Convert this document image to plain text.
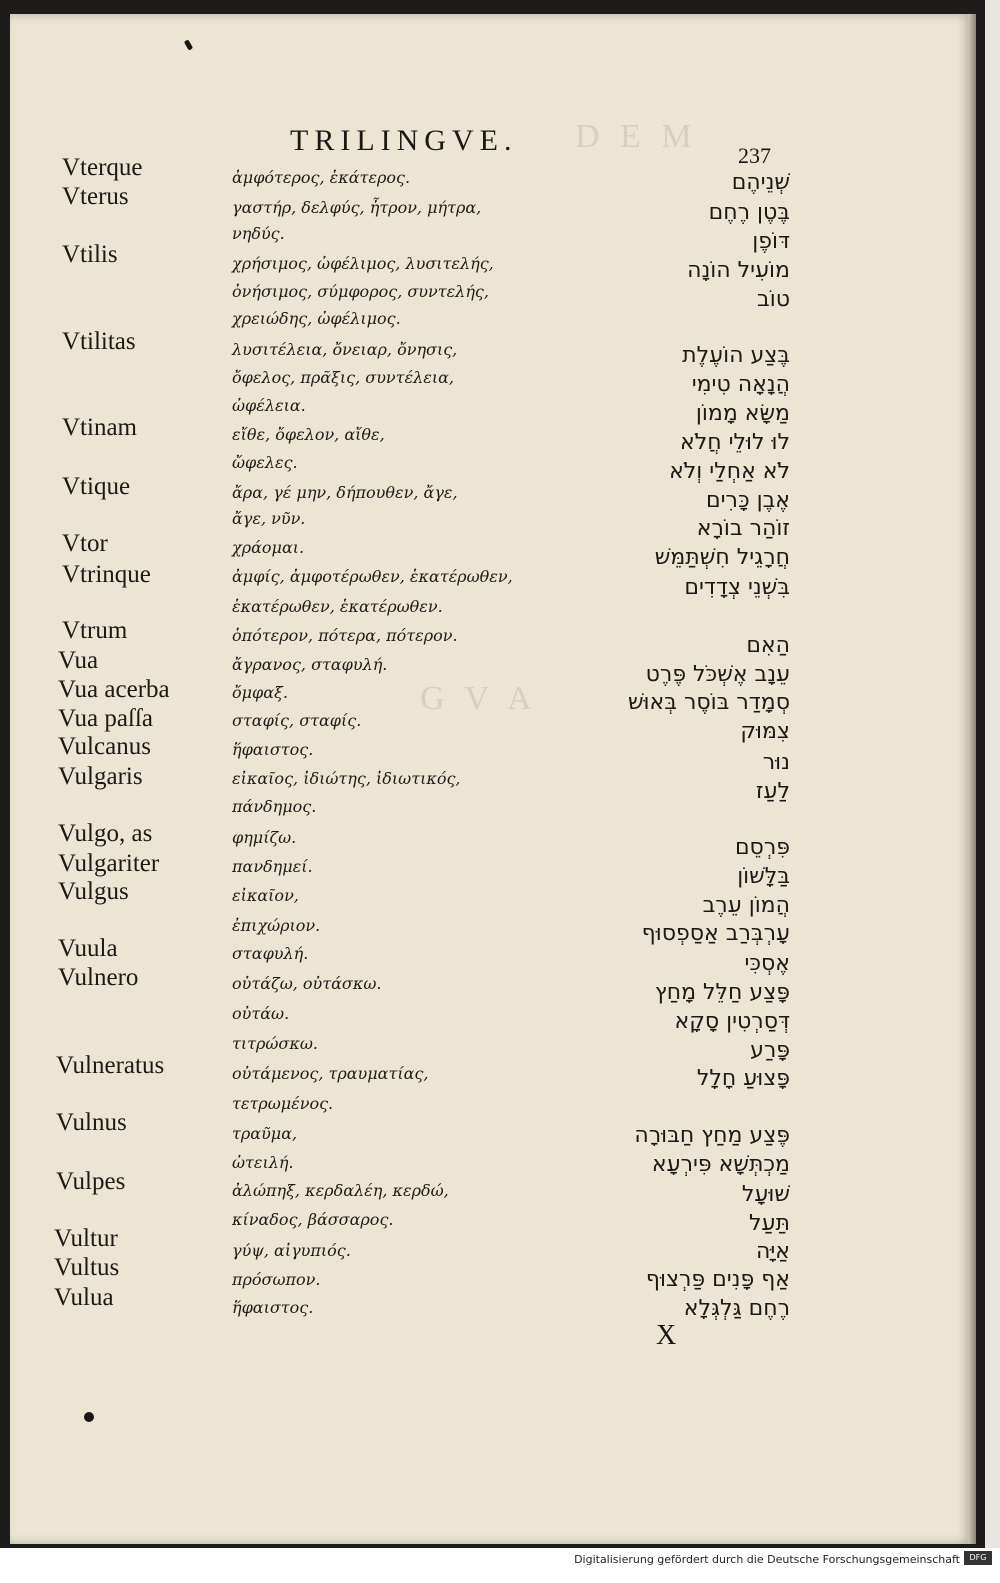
D E M
G V A
TRILINGVE.	237
Vterque
Vterus
Vtilis
Vtilitas
Vtinam
Vtique
Vtor
Vtrinque
Vtrum
Vua
Vua acerba
Vua paſſa
Vulcanus
Vulgaris
Vulgo, as
Vulgariter
Vulgus
Vuula
Vulnero
Vulneratus
Vulnus
Vulpes
Vultur
Vultus
Vulua
ἀμφότερος, ἑκάτερος.
γαστήρ, δελφύς, ἦτρον, μήτρα,
νηδύς.
χρήσιμος, ὠφέλιμος, λυσιτελής,
ὀνήσιμος, σύμφορος, συντελής,
χρειώδης, ὠφέλιμος.
λυσιτέλεια, ὄνειαρ, ὄνησις,
ὄφελος, πρᾶξις, συντέλεια,
ὠφέλεια.
εἴθε, ὄφελον, αἴθε,
ὤφελες.
ἄρα, γέ μην, δήπουθεν, ἄγε,
ἄγε, νῦν.
χράομαι.
ἀμφίς, ἀμφοτέρωθεν, ἑκατέρωθεν,
ἑκατέρωθεν, ἑκατέρωθεν.
ὁπότερον, πότερα, πότερον.
ἄγρανος, σταφυλή.
ὄμφαξ.
σταφίς, σταφίς.
ἥφαιστος.
εἰκαῖος, ἰδιώτης, ἰδιωτικός,
πάνδημος.
φημίζω.
πανδημεί.
εἰκαῖον,
ἐπιχώριον.
σταφυλή.
οὐτάζω, οὐτάσκω.
οὐτάω.
τιτρώσκω.
οὐτάμενος, τραυματίας,
τετρωμένος.
τραῦμα,
ὠτειλή.
ἀλώπηξ, κερδαλέη, κερδώ,
κίναδος, βάσσαρος.
γύψ, αἰγυπιός.
πρόσωπον.
ἥφαιστος.
שְׁנֵיהֶם
בֶּטֶן רֶחֶם
דּוֹפֶן
מוֹעִיל הוֹנָה
טוֹב
בֶּצַע הוֹעֶלֶת
הֲנָאָה טִימִי
מַשָּׂא מָמוֹן
לוּ לוּלֵי חֲלֹא
לֹא אַחְלַי וְלֹא
אֶבֶן כָּרִים
זוֹהַר בוֹרָא
חֲרָגֵיל חִשְׁתַּמֵּשׁ
בִּשְׁנֵי צְדָדִים
הַאִם
עֵנָב אֶשְׁכֹּל פֶּרֶט
סְמָדַר בּוֹסֶר בְּאוּשׁ
צִמּוּק
נוּר
לַעַז
פִּרְסֵם
בַּלָּשׁוֹן
הֲמוֹן עֵרֶב
עָרְבְּרַב אַסַפְסוּף
אֶסְכִּי
פָּצַע חַלֵּל מָחַץ
דְּסַרְטִין סָקָא
פָּרַע
פָּצוּעַ חָלָל
פֶּצַע מַחַץ חַבּוּרָה
מַכְתְּשָׁא פִּירְעָא
שׁוּעָל
תַּעַל
אַיָּה
אַף פָּנִים פַּרְצוּף
רֶחֶם גַּלְגְּלָא
X
Digitalisierung gefördert durch die Deutsche Forschungsgemeinschaft	DFG
